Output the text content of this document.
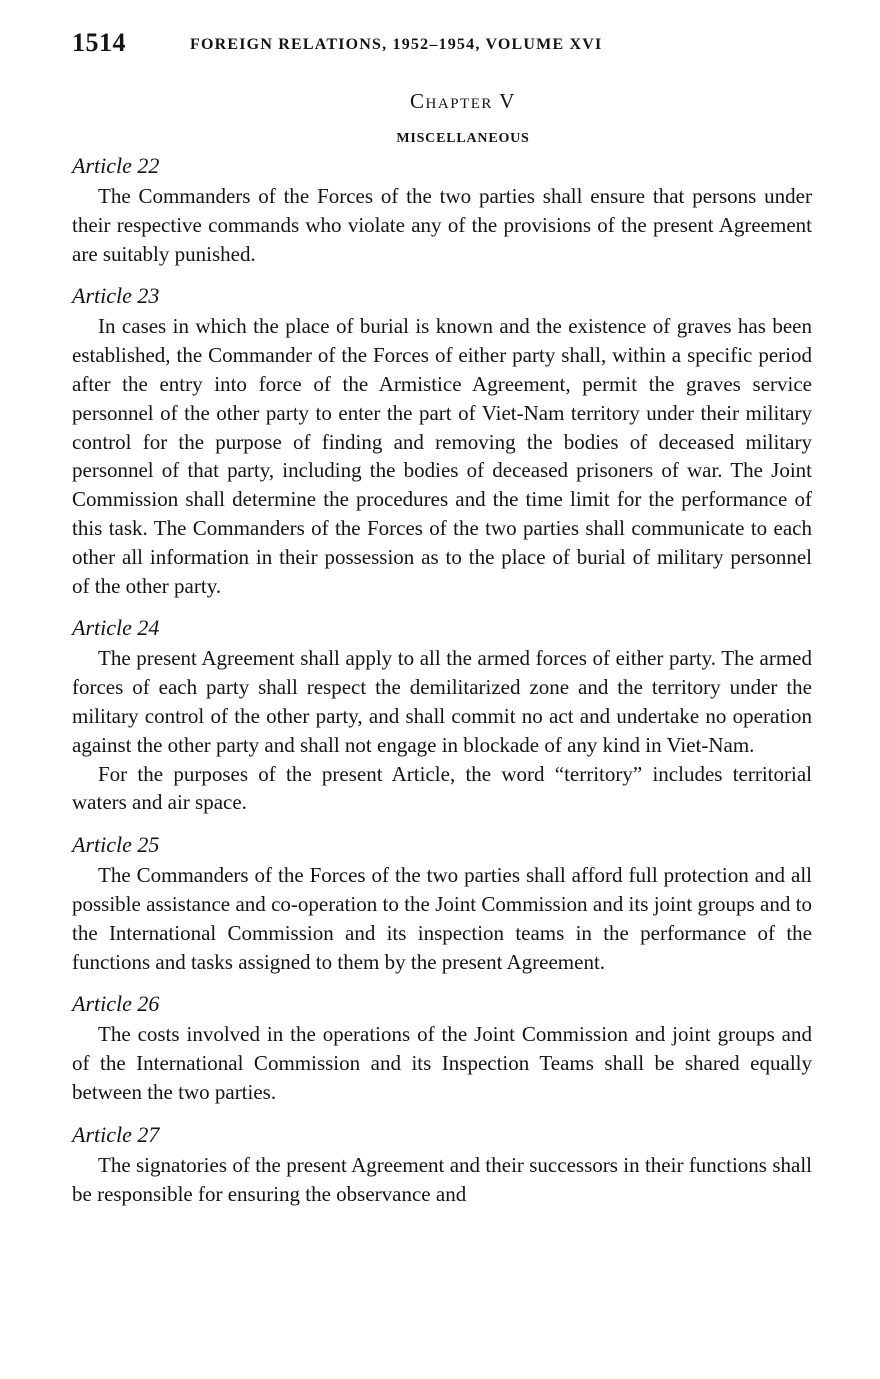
1514	FOREIGN RELATIONS, 1952–1954, VOLUME XVI
Chapter V
MISCELLANEOUS
Article 22

The Commanders of the Forces of the two parties shall ensure that persons under their respective commands who violate any of the provisions of the present Agreement are suitably punished.

Article 23

In cases in which the place of burial is known and the existence of graves has been established, the Commander of the Forces of either party shall, within a specific period after the entry into force of the Armistice Agreement, permit the graves service personnel of the other party to enter the part of Viet-Nam territory under their military control for the purpose of finding and removing the bodies of deceased military personnel of that party, including the bodies of deceased prisoners of war. The Joint Commission shall determine the procedures and the time limit for the performance of this task. The Commanders of the Forces of the two parties shall communicate to each other all information in their possession as to the place of burial of military personnel of the other party.

Article 24

The present Agreement shall apply to all the armed forces of either party. The armed forces of each party shall respect the demilitarized zone and the territory under the military control of the other party, and shall commit no act and undertake no operation against the other party and shall not engage in blockade of any kind in Viet-Nam.

For the purposes of the present Article, the word “territory” includes territorial waters and air space.

Article 25

The Commanders of the Forces of the two parties shall afford full protection and all possible assistance and co-operation to the Joint Commission and its joint groups and to the International Commission and its inspection teams in the performance of the functions and tasks assigned to them by the present Agreement.

Article 26

The costs involved in the operations of the Joint Commission and joint groups and of the International Commission and its Inspection Teams shall be shared equally between the two parties.

Article 27

The signatories of the present Agreement and their successors in their functions shall be responsible for ensuring the observance and
